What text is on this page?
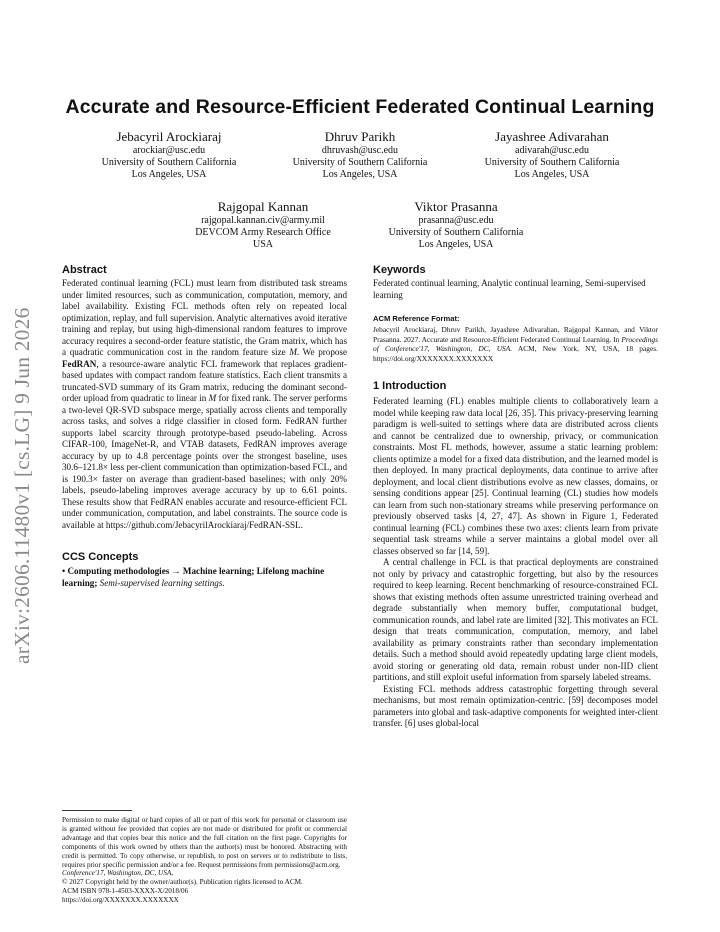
arXiv:2606.11480v1 [cs.LG] 9 Jun 2026
Accurate and Resource-Efficient Federated Continual Learning
Jebacyril Arockiaraj
arockiar@usc.edu
University of Southern California
Los Angeles, USA
Dhruv Parikh
dhruvash@usc.edu
University of Southern California
Los Angeles, USA
Jayashree Adivarahan
adivarah@usc.edu
University of Southern California
Los Angeles, USA
Rajgopal Kannan
rajgopal.kannan.civ@army.mil
DEVCOM Army Research Office
USA
Viktor Prasanna
prasanna@usc.edu
University of Southern California
Los Angeles, USA
Abstract
Federated continual learning (FCL) must learn from distributed task streams under limited resources, such as communication, computation, memory, and label availability. Existing FCL methods often rely on repeated local optimization, replay, and full supervision. Analytic alternatives avoid iterative training and replay, but using high-dimensional random features to improve accuracy requires a second-order feature statistic, the Gram matrix, which has a quadratic communication cost in the random feature size M. We propose FedRAN, a resource-aware analytic FCL framework that replaces gradient-based updates with compact random feature statistics. Each client transmits a truncated-SVD summary of its Gram matrix, reducing the dominant second-order upload from quadratic to linear in M for fixed rank. The server performs a two-level QR-SVD subspace merge, spatially across clients and temporally across tasks, and solves a ridge classifier in closed form. FedRAN further supports label scarcity through prototype-based pseudo-labeling. Across CIFAR-100, ImageNet-R, and VTAB datasets, FedRAN improves average accuracy by up to 4.8 percentage points over the strongest baseline, uses 30.6–121.8× less per-client communication than optimization-based FCL, and is 190.3× faster on average than gradient-based baselines; with only 20% labels, pseudo-labeling improves average accuracy by up to 6.61 points. These results show that FedRAN enables accurate and resource-efficient FCL under communication, computation, and label constraints. The source code is available at https://github.com/JebacyrilArockiaraj/FedRAN-SSL.
CCS Concepts
• Computing methodologies → Machine learning; Lifelong machine learning; Semi-supervised learning settings.
Permission to make digital or hard copies of all or part of this work for personal or classroom use is granted without fee provided that copies are not made or distributed for profit or commercial advantage and that copies bear this notice and the full citation on the first page. Copyrights for components of this work owned by others than the author(s) must be honored. Abstracting with credit is permitted. To copy otherwise, or republish, to post on servers or to redistribute to lists, requires prior specific permission and/or a fee. Request permissions from permissions@acm.org.
Conference'17, Washington, DC, USA,
© 2027 Copyright held by the owner/author(s). Publication rights licensed to ACM.
ACM ISBN 978-1-4503-XXXX-X/2018/06
https://doi.org/XXXXXXX.XXXXXXX
Keywords
Federated continual learning, Analytic continual learning, Semi-supervised learning
ACM Reference Format:
Jebacyril Arockiaraj, Dhruv Parikh, Jayashree Adivarahan, Rajgopal Kannan, and Viktor Prasanna. 2027. Accurate and Resource-Efficient Federated Continual Learning. In Proceedings of Conference'17, Washington, DC, USA. ACM, New York, NY, USA, 18 pages. https://doi.org/XXXXXXX.XXXXXXX
1 Introduction
Federated learning (FL) enables multiple clients to collaboratively learn a model while keeping raw data local [26, 35]. This privacy-preserving learning paradigm is well-suited to settings where data are distributed across clients and cannot be centralized due to ownership, privacy, or communication constraints. Most FL methods, however, assume a static learning problem: clients optimize a model for a fixed data distribution, and the learned model is then deployed. In many practical deployments, data continue to arrive after deployment, and local client distributions evolve as new classes, domains, or sensing conditions appear [25]. Continual learning (CL) studies how models can learn from such non-stationary streams while preserving performance on previously observed tasks [4, 27, 47]. As shown in Figure 1, Federated continual learning (FCL) combines these two axes: clients learn from private sequential task streams while a server maintains a global model over all classes observed so far [14, 59].
A central challenge in FCL is that practical deployments are constrained not only by privacy and catastrophic forgetting, but also by the resources required to keep learning. Recent benchmarking of resource-constrained FCL shows that existing methods often assume unrestricted training overhead and degrade substantially when memory buffer, computational budget, communication rounds, and label rate are limited [32]. This motivates an FCL design that treats communication, computation, memory, and label availability as primary constraints rather than secondary implementation details. Such a method should avoid repeatedly updating large client models, avoid storing or generating old data, remain robust under non-IID client partitions, and still exploit useful information from sparsely labeled streams.
Existing FCL methods address catastrophic forgetting through several mechanisms, but most remain optimization-centric. [59] decomposes model parameters into global and task-adaptive components for weighted inter-client transfer. [6] uses global-local
